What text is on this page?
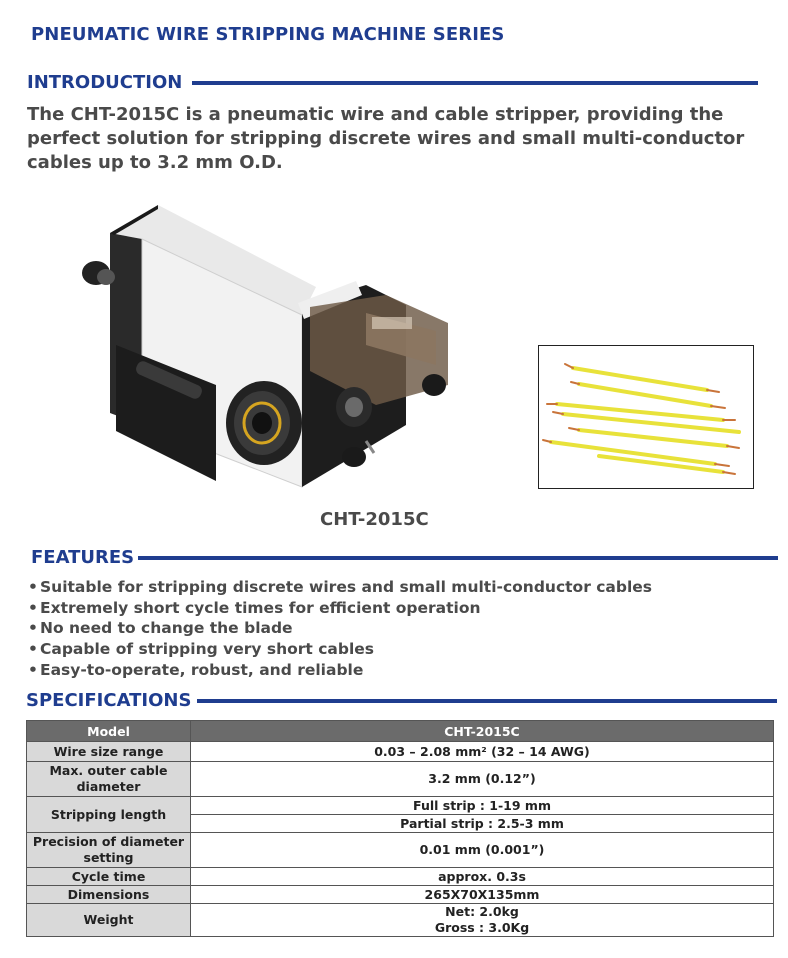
PNEUMATIC WIRE STRIPPING MACHINE SERIES
INTRODUCTION
The CHT-2015C is a pneumatic wire and cable stripper, providing the perfect solution for stripping discrete wires and small multi-conductor cables up to 3.2 mm O.D.
CHT-2015C
FEATURES
• Suitable for stripping discrete wires and small multi-conductor cables
• Extremely short cycle times for efficient operation
• No need to change the blade
• Capable of stripping very short cables
• Easy-to-operate, robust, and reliable
SPECIFICATIONS
Model	CHT-2015C
Wire size range	0.03 – 2.08 mm² (32 – 14 AWG)
Max. outer cable diameter	3.2 mm (0.12”)
Stripping length	Full strip : 1-19 mm
	Partial strip : 2.5-3 mm
Precision of diameter setting	0.01 mm (0.001”)
Cycle time	approx. 0.3s
Dimensions	265X70X135mm
Weight	Net: 2.0kg
	Gross : 3.0Kg
